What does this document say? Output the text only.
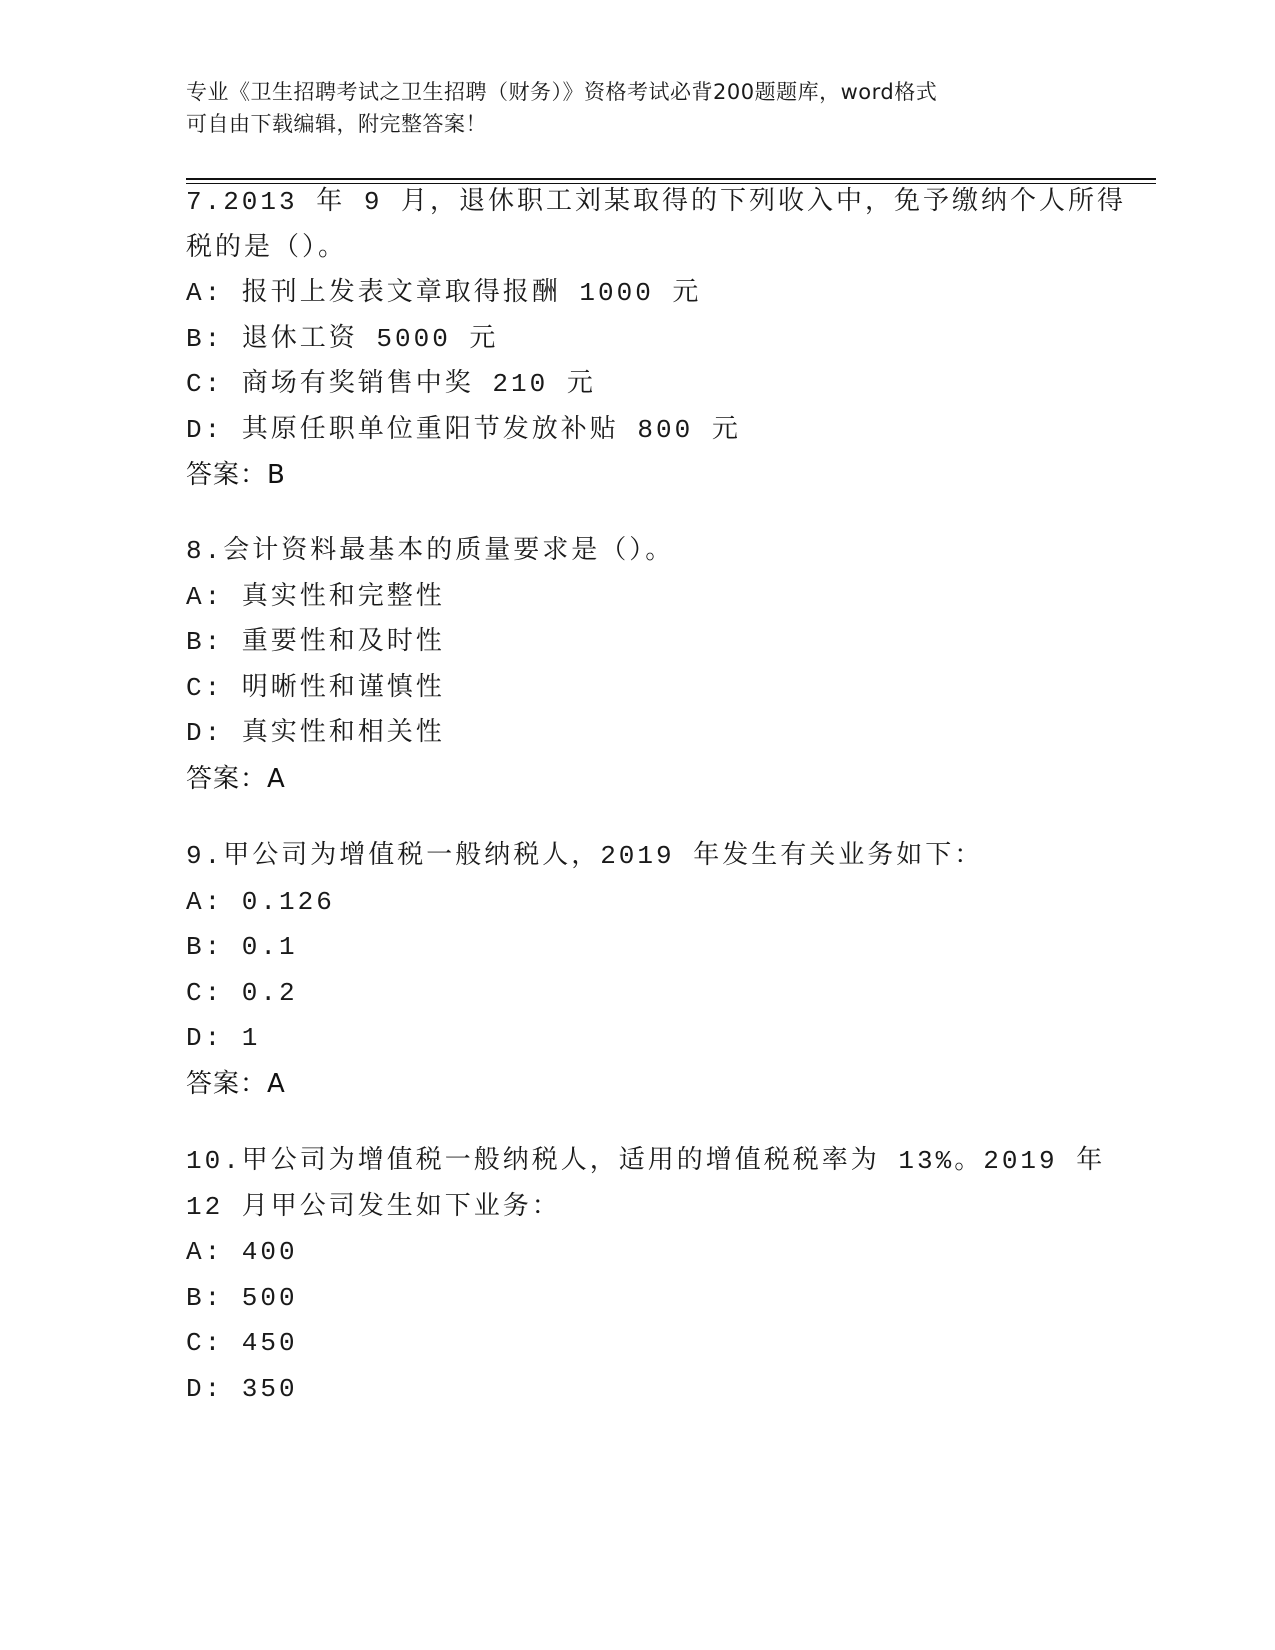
专业《卫生招聘考试之卫生招聘（财务）》资格考试必背200题题库，word格式
可自由下载编辑，附完整答案！
7.2013 年 9 月，退休职工刘某取得的下列收入中，免予缴纳个人所得
税的是（）。
A: 报刊上发表文章取得报酬 1000 元
B: 退休工资 5000 元
C: 商场有奖销售中奖 210 元
D: 其原任职单位重阳节发放补贴 800 元
答案：B
8.会计资料最基本的质量要求是（）。
A: 真实性和完整性
B: 重要性和及时性
C: 明晰性和谨慎性
D: 真实性和相关性
答案：A
9.甲公司为增值税一般纳税人，2019 年发生有关业务如下：
A: 0.126
B: 0.1
C: 0.2
D: 1
答案：A
10.甲公司为增值税一般纳税人，适用的增值税税率为 13%。2019 年
12 月甲公司发生如下业务：
A: 400
B: 500
C: 450
D: 350
